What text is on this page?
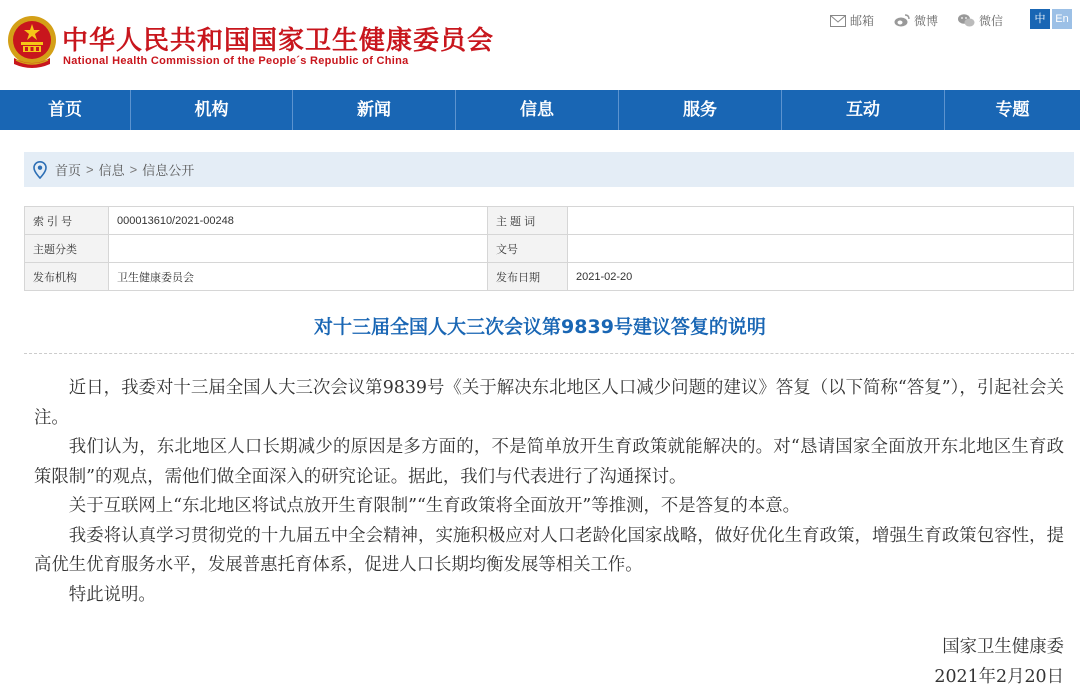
中华人民共和国国家卫生健康委员会
National Health Commission of the People´s Republic of China
邮箱	微博	微信	中 En
首页	机构	新闻	信息	服务	互动	专题
首页 > 信息 > 信息公开
索 引 号	000013610/2021-00248	主 题 词	
主题分类		文号	
发布机构	卫生健康委员会	发布日期	2021-02-20
对十三届全国人大三次会议第9839号建议答复的说明

近日，我委对十三届全国人大三次会议第9839号《关于解决东北地区人口减少问题的建议》答复（以下简称“答复”），引起社会关注。

我们认为，东北地区人口长期减少的原因是多方面的，不是简单放开生育政策就能解决的。对“恳请国家全面放开东北地区生育政策限制”的观点，需他们做全面深入的研究论证。据此，我们与代表进行了沟通探讨。

关于互联网上“东北地区将试点放开生育限制”“生育政策将全面放开”等推测，不是答复的本意。

我委将认真学习贯彻党的十九届五中全会精神，实施积极应对人口老龄化国家战略，做好优化生育政策，增强生育政策包容性，提高优生优育服务水平，发展普惠托育体系，促进人口长期均衡发展等相关工作。

特此说明。

国家卫生健康委
2021年2月20日
